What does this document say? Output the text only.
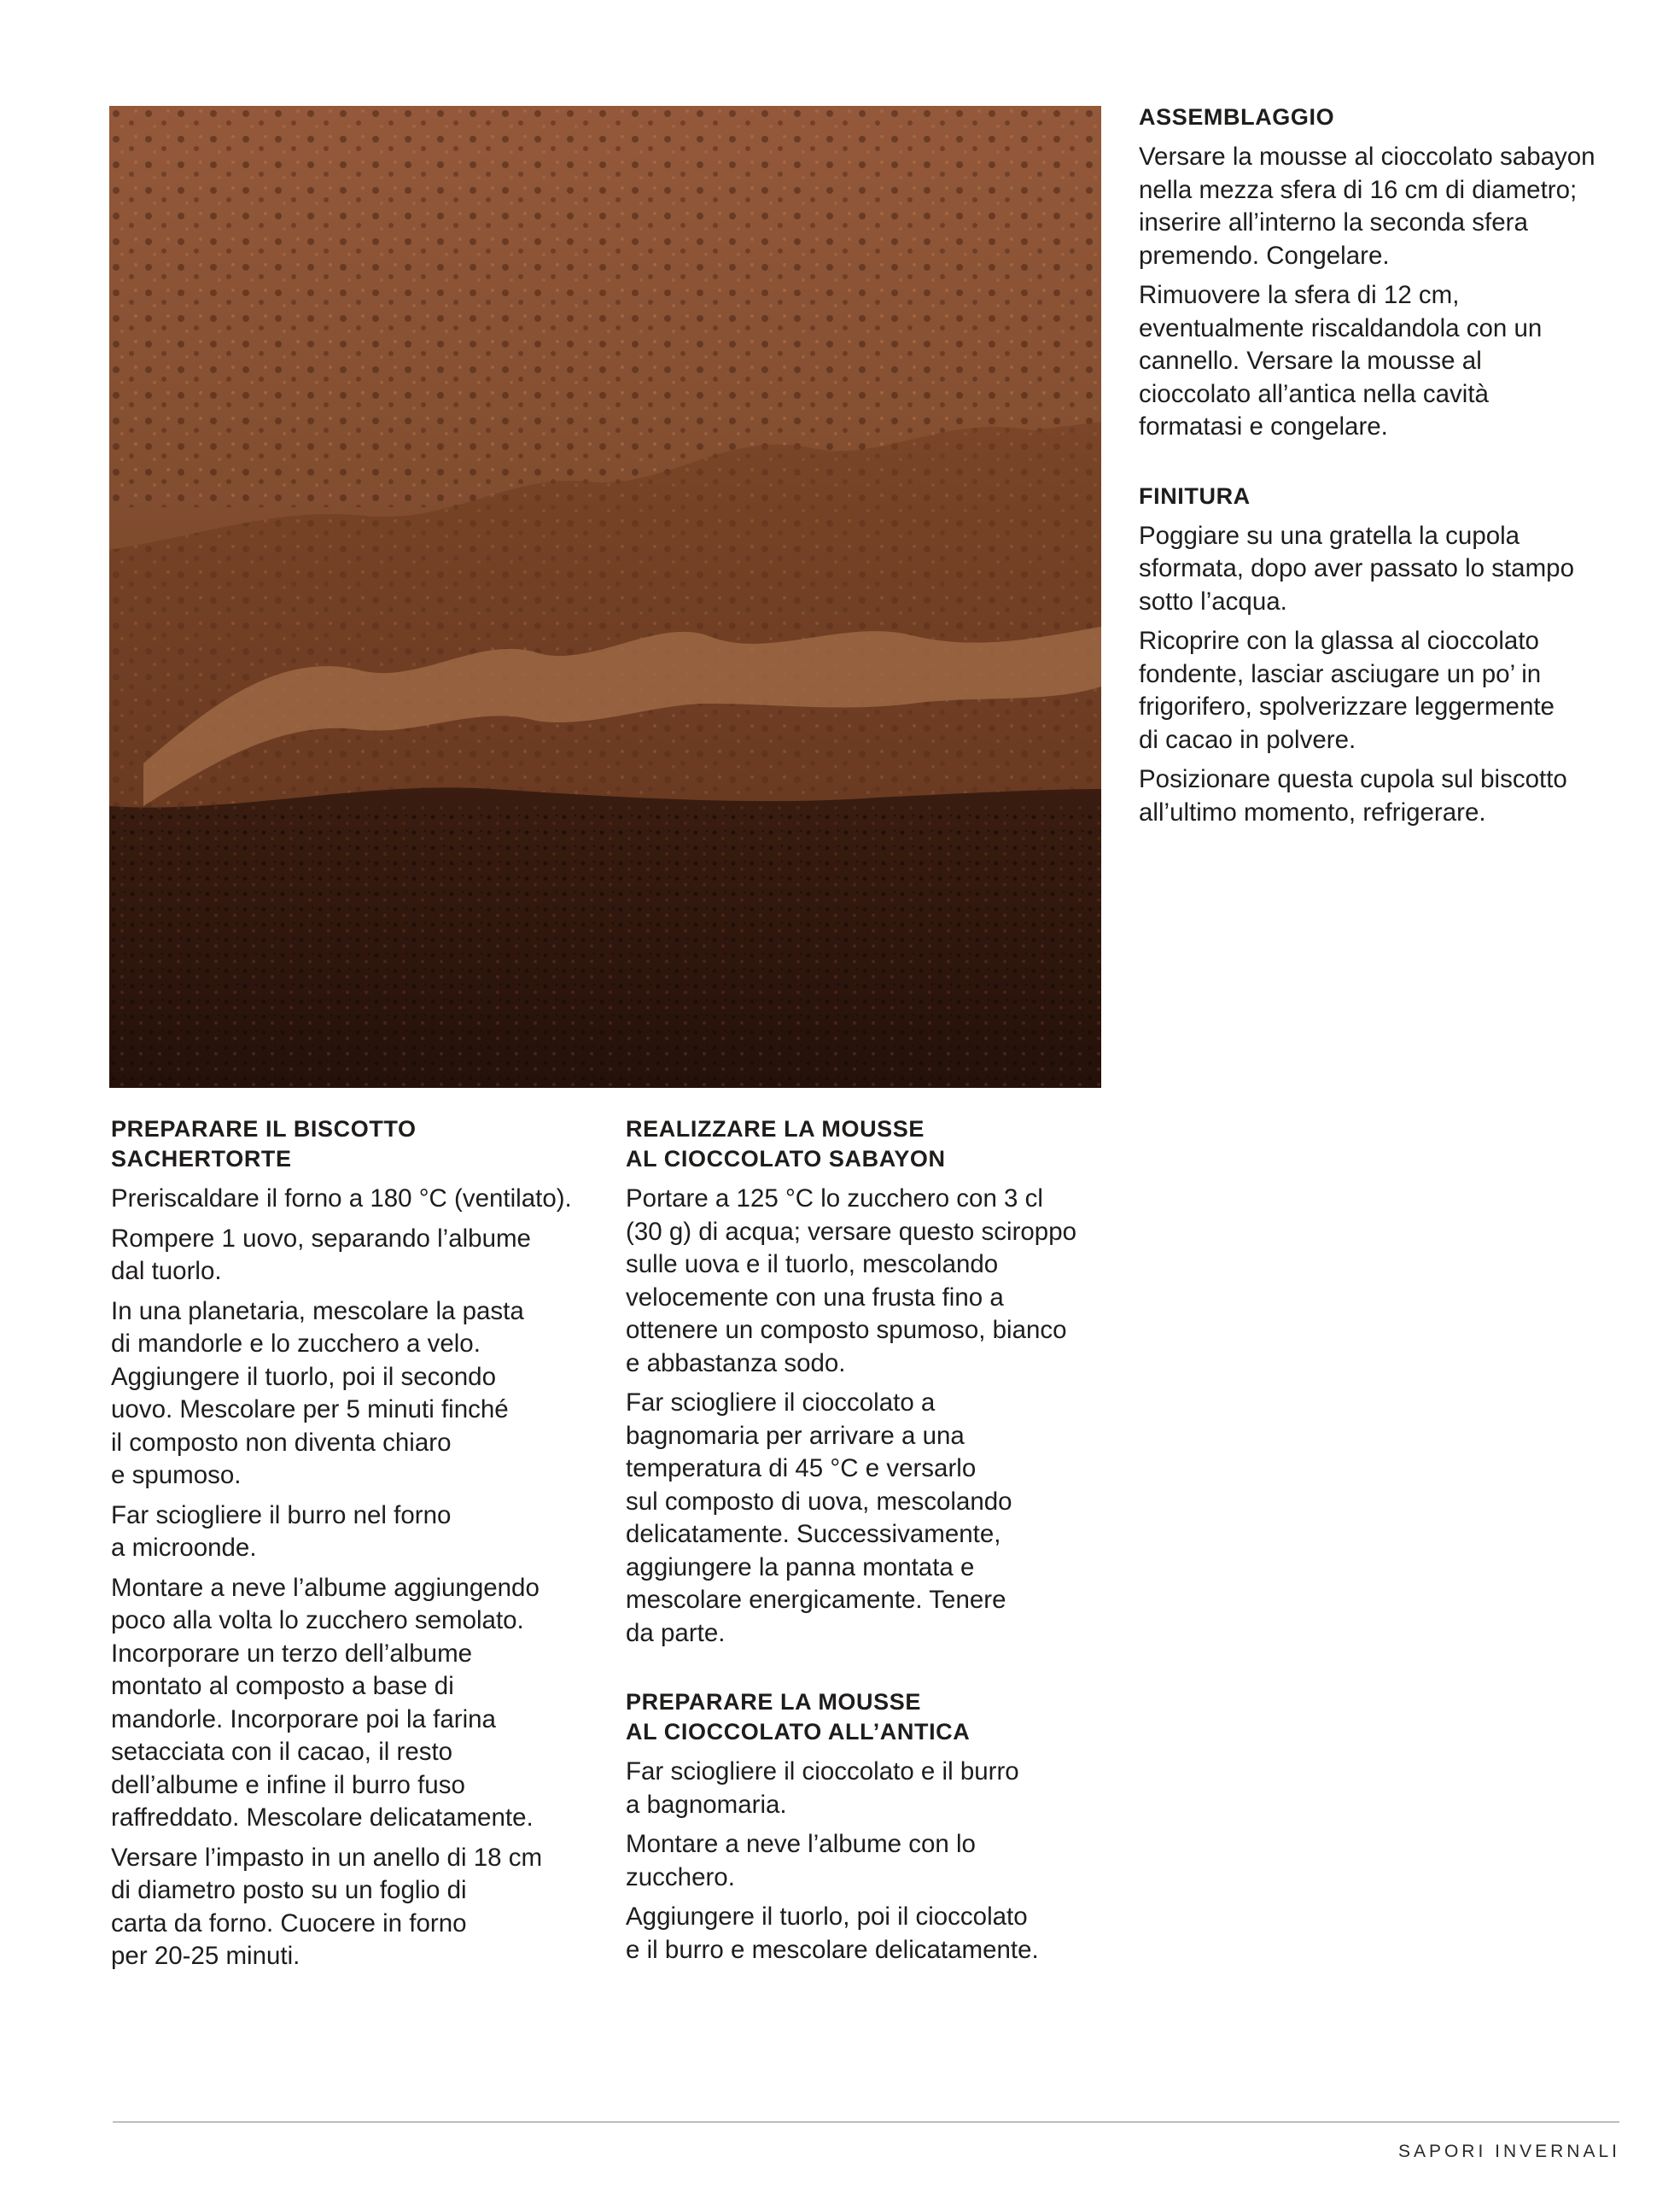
ASSEMBLAGGIO
Versare la mousse al cioccolato sabayon
nella mezza sfera di 16 cm di diametro;
inserire all’interno la seconda sfera
premendo. Congelare.
Rimuovere la sfera di 12 cm,
eventualmente riscaldandola con un
cannello. Versare la mousse al
cioccolato all’antica nella cavità
formatasi e congelare.
FINITURA
Poggiare su una gratella la cupola
sformata, dopo aver passato lo stampo
sotto l’acqua.
Ricoprire con la glassa al cioccolato
fondente, lasciar asciugare un po’ in
frigorifero, spolverizzare leggermente
di cacao in polvere.
Posizionare questa cupola sul biscotto
all’ultimo momento, refrigerare.
PREPARARE IL BISCOTTO
SACHERTORTE
Preriscaldare il forno a 180 °C (ventilato).
Rompere 1 uovo, separando l’albume
dal tuorlo.
In una planetaria, mescolare la pasta
di mandorle e lo zucchero a velo.
Aggiungere il tuorlo, poi il secondo
uovo. Mescolare per 5 minuti finché
il composto non diventa chiaro
e spumoso.
Far sciogliere il burro nel forno
a microonde.
Montare a neve l’albume aggiungendo
poco alla volta lo zucchero semolato.
Incorporare un terzo dell’albume
montato al composto a base di
mandorle. Incorporare poi la farina
setacciata con il cacao, il resto
dell’albume e infine il burro fuso
raffreddato. Mescolare delicatamente.
Versare l’impasto in un anello di 18 cm
di diametro posto su un foglio di
carta da forno. Cuocere in forno
per 20-25 minuti.
REALIZZARE LA MOUSSE
AL CIOCCOLATO SABAYON
Portare a 125 °C lo zucchero con 3 cl
(30 g) di acqua; versare questo sciroppo
sulle uova e il tuorlo, mescolando
velocemente con una frusta fino a
ottenere un composto spumoso, bianco
e abbastanza sodo.
Far sciogliere il cioccolato a
bagnomaria per arrivare a una
temperatura di 45 °C e versarlo
sul composto di uova, mescolando
delicatamente. Successivamente,
aggiungere la panna montata e
mescolare energicamente. Tenere
da parte.
PREPARARE LA MOUSSE
AL CIOCCOLATO ALL’ANTICA
Far sciogliere il cioccolato e il burro
a bagnomaria.
Montare a neve l’albume con lo
zucchero.
Aggiungere il tuorlo, poi il cioccolato
e il burro e mescolare delicatamente.
SAPORI INVERNALI
